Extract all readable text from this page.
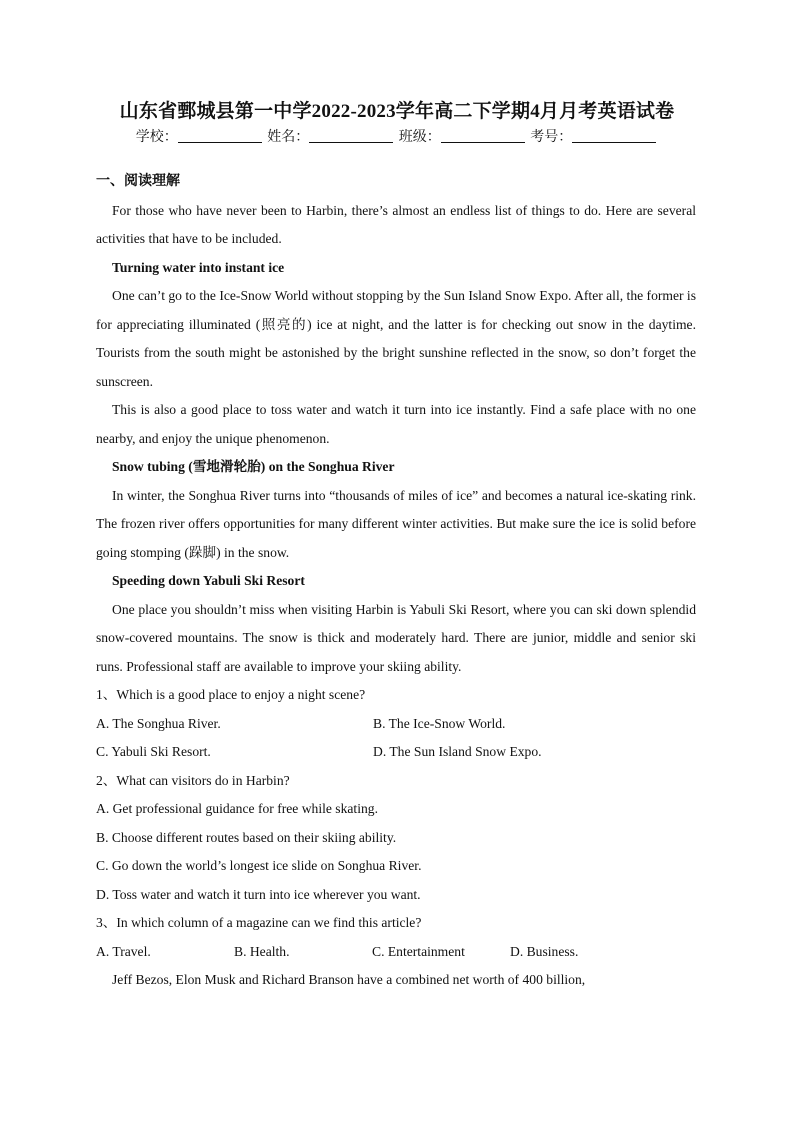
山东省鄄城县第一中学2022-2023学年高二下学期4月月考英语试卷
学校：	姓名：	班级：	考号：

一、阅读理解

For those who have never been to Harbin, there’s almost an endless list of things to do. Here are several activities that have to be included.

Turning water into instant ice

One can’t go to the Ice-Snow World without stopping by the Sun Island Snow Expo. After all, the former is for appreciating illuminated (照亮的) ice at night, and the latter is for checking out snow in the daytime. Tourists from the south might be astonished by the bright sunshine reflected in the snow, so don’t forget the sunscreen.

This is also a good place to toss water and watch it turn into ice instantly. Find a safe place with no one nearby, and enjoy the unique phenomenon.

Snow tubing (雪地滑轮胎) on the Songhua River

In winter, the Songhua River turns into “thousands of miles of ice” and becomes a natural ice-skating rink. The frozen river offers opportunities for many different winter activities. But make sure the ice is solid before going stomping (跺脚) in the snow.

Speeding down Yabuli Ski Resort

One place you shouldn’t miss when visiting Harbin is Yabuli Ski Resort, where you can ski down splendid snow-covered mountains. The snow is thick and moderately hard. There are junior, middle and senior ski runs. Professional staff are available to improve your skiing ability.

1、Which is a good place to enjoy a night scene?

A. The Songhua River.	B. The Ice-Snow World.
C. Yabuli Ski Resort.	D. The Sun Island Snow Expo.

2、What can visitors do in Harbin?

A. Get professional guidance for free while skating.

B. Choose different routes based on their skiing ability.

C. Go down the world’s longest ice slide on Songhua River.

D. Toss water and watch it turn into ice wherever you want.

3、In which column of a magazine can we find this article?

A. Travel.	B. Health.	C. Entertainment	D. Business.

Jeff Bezos, Elon Musk and Richard Branson have a combined net worth of 400 billion,
